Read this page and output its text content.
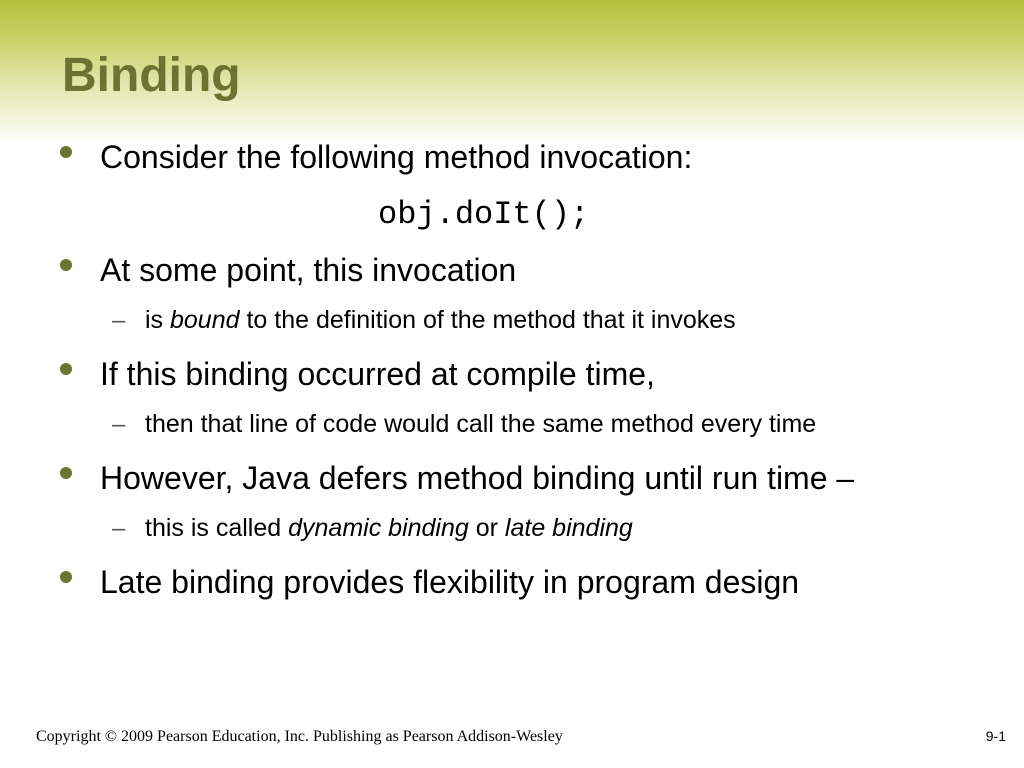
Binding
Consider the following method invocation:
obj.doIt();
At some point, this invocation
– is bound to the definition of the method that it invokes
If this binding occurred at compile time,
– then that line of code would call the same method every time
However, Java defers method binding until run time –
– this is called dynamic binding or late binding
Late binding provides flexibility in program design
Copyright © 2009 Pearson Education, Inc. Publishing as Pearson Addison-Wesley	9-1
